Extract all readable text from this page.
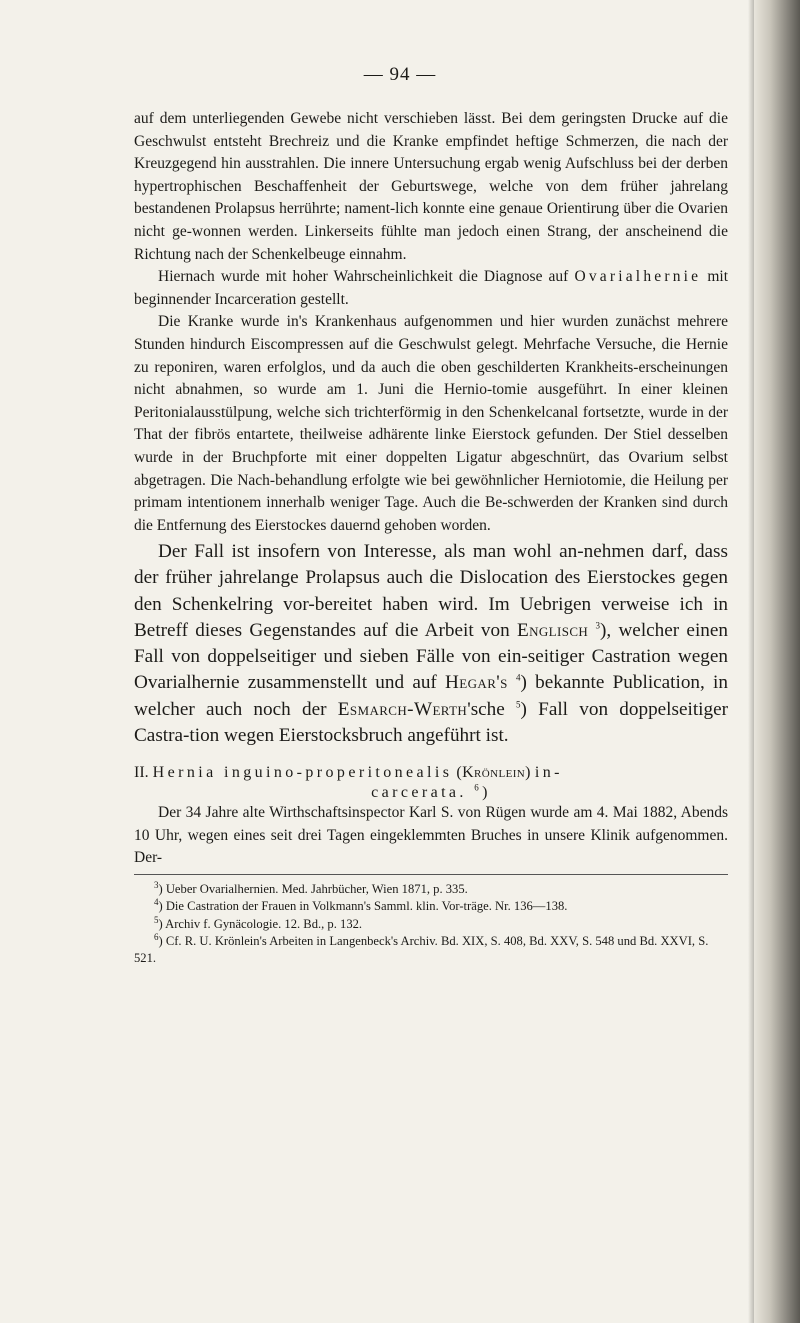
— 94 —

auf dem unterliegenden Gewebe nicht verschieben lässt. Bei dem geringsten Drucke auf die Geschwulst entsteht Brechreiz und die Kranke empfindet heftige Schmerzen, die nach der Kreuzgegend hin ausstrahlen. Die innere Untersuchung ergab wenig Aufschluss bei der derben hypertrophischen Beschaffenheit der Geburtswege, welche von dem früher jahrelang bestandenen Prolapsus herrührte; nament-lich konnte eine genaue Orientirung über die Ovarien nicht ge-wonnen werden. Linkerseits fühlte man jedoch einen Strang, der anscheinend die Richtung nach der Schenkelbeuge einnahm.

Hiernach wurde mit hoher Wahrscheinlichkeit die Diagnose auf Ovarialhernie mit beginnender Incarceration gestellt.

Die Kranke wurde in's Krankenhaus aufgenommen und hier wurden zunächst mehrere Stunden hindurch Eiscompressen auf die Geschwulst gelegt. Mehrfache Versuche, die Hernie zu reponiren, waren erfolglos, und da auch die oben geschilderten Krankheits-erscheinungen nicht abnahmen, so wurde am 1. Juni die Hernio-tomie ausgeführt. In einer kleinen Peritonialausstülpung, welche sich trichterförmig in den Schenkelcanal fortsetzte, wurde in der That der fibrös entartete, theilweise adhärente linke Eierstock gefunden. Der Stiel desselben wurde in der Bruchpforte mit einer doppelten Ligatur abgeschnürt, das Ovarium selbst abgetragen. Die Nach-behandlung erfolgte wie bei gewöhnlicher Herniotomie, die Heilung per primam intentionem innerhalb weniger Tage. Auch die Be-schwerden der Kranken sind durch die Entfernung des Eierstockes dauernd gehoben worden.

Der Fall ist insofern von Interesse, als man wohl an-nehmen darf, dass der früher jahrelange Prolapsus auch die Dislocation des Eierstockes gegen den Schenkelring vor-bereitet haben wird. Im Uebrigen verweise ich in Betreff dieses Gegenstandes auf die Arbeit von Englisch $^3$), welcher einen Fall von doppelseitiger und sieben Fälle von ein-seitiger Castration wegen Ovarialhernie zusammenstellt und auf Hegar's $^4$) bekannte Publication, in welcher auch noch der Esmarch-Werth'sche $^5$) Fall von doppelseitiger Castra-tion wegen Eierstocksbruch angeführt ist.

II. Hernia inguino-properitonealis (Krönlein) in-

carcerata. $^6$)

Der 34 Jahre alte Wirthschaftsinspector Karl S. von Rügen wurde am 4. Mai 1882, Abends 10 Uhr, wegen eines seit drei Tagen eingeklemmten Bruches in unsere Klinik aufgenommen. Der-

$^3$) Ueber Ovarialhernien. Med. Jahrbücher, Wien 1871, p. 335.

$^4$) Die Castration der Frauen in Volkmann's Samml. klin. Vor-träge. Nr. 136—138.

$^5$) Archiv f. Gynäcologie. 12. Bd., p. 132.

$^6$) Cf. R. U. Krönlein's Arbeiten in Langenbeck's Archiv. Bd. XIX, S. 408, Bd. XXV, S. 548 und Bd. XXVI, S. 521.
